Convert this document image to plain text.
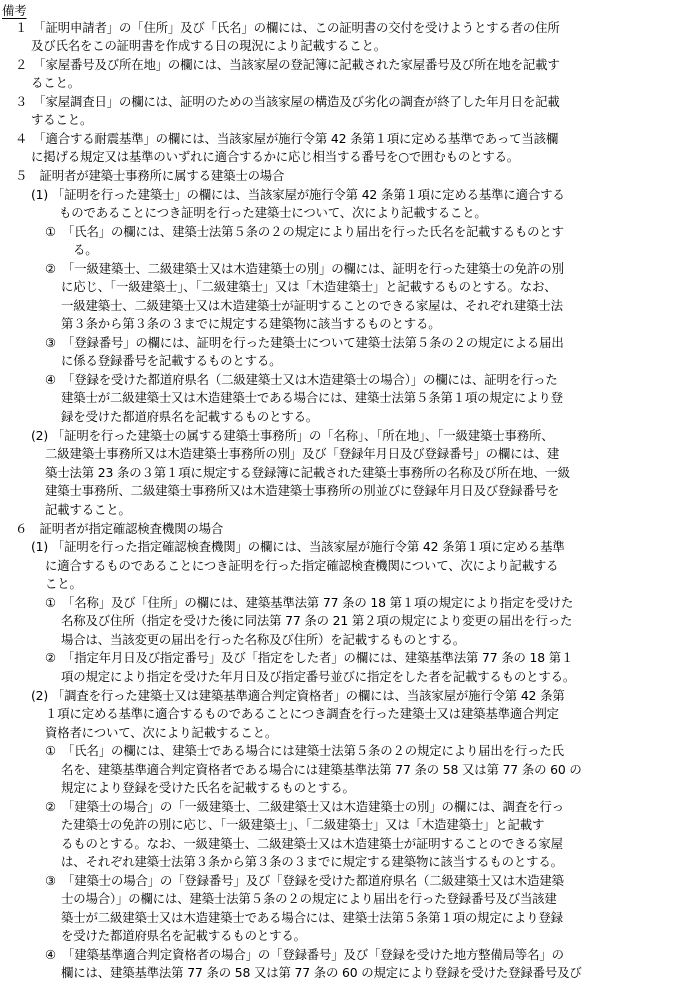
備考
１　「証明申請者」の「住所」及び「氏名」の欄には、この証明書の交付を受けようとする者の住所
及び氏名をこの証明書を作成する日の現況により記載すること。
２　「家屋番号及び所在地」の欄には、当該家屋の登記簿に記載された家屋番号及び所在地を記載す
ること。
３　「家屋調査日」の欄には、証明のための当該家屋の構造及び劣化の調査が終了した年月日を記載
すること。
４　「適合する耐震基準」の欄には、当該家屋が施行令第 42 条第１項に定める基準であって当該欄
に掲げる規定又は基準のいずれに適合するかに応じ相当する番号を○で囲むものとする。
５　証明者が建築士事務所に属する建築士の場合
(1) 「証明を行った建築士」の欄には、当該家屋が施行令第 42 条第１項に定める基準に適合する
ものであることにつき証明を行った建築士について、次により記載すること。
①　「氏名」の欄には、建築士法第５条の２の規定により届出を行った氏名を記載するものとす
る。
②　「一級建築士、二級建築士又は木造建築士の別」の欄には、証明を行った建築士の免許の別
に応じ、「一級建築士」、「二級建築士」又は「木造建築士」と記載するものとする。なお、
一級建築士、二級建築士又は木造建築士が証明することのできる家屋は、それぞれ建築士法
第３条から第３条の３までに規定する建築物に該当するものとする。
③　「登録番号」の欄には、証明を行った建築士について建築士法第５条の２の規定による届出
に係る登録番号を記載するものとする。
④　「登録を受けた都道府県名（二級建築士又は木造建築士の場合）」の欄には、証明を行った
建築士が二級建築士又は木造建築士である場合には、建築士法第５条第１項の規定により登
録を受けた都道府県名を記載するものとする。
(2) 「証明を行った建築士の属する建築士事務所」の「名称」、「所在地」、「一級建築士事務所、
二級建築士事務所又は木造建築士事務所の別」及び「登録年月日及び登録番号」の欄には、建
築士法第 23 条の３第１項に規定する登録簿に記載された建築士事務所の名称及び所在地、一級
建築士事務所、二級建築士事務所又は木造建築士事務所の別並びに登録年月日及び登録番号を
記載すること。
６　証明者が指定確認検査機関の場合
(1) 「証明を行った指定確認検査機関」の欄には、当該家屋が施行令第 42 条第１項に定める基準
に適合するものであることにつき証明を行った指定確認検査機関について、次により記載する
こと。
①　「名称」及び「住所」の欄には、建築基準法第 77 条の 18 第１項の規定により指定を受けた
名称及び住所（指定を受けた後に同法第 77 条の 21 第２項の規定により変更の届出を行った
場合は、当該変更の届出を行った名称及び住所）を記載するものとする。
②　「指定年月日及び指定番号」及び「指定をした者」の欄には、建築基準法第 77 条の 18 第１
項の規定により指定を受けた年月日及び指定番号並びに指定をした者を記載するものとする。
(2) 「調査を行った建築士又は建築基準適合判定資格者」の欄には、当該家屋が施行令第 42 条第
１項に定める基準に適合するものであることにつき調査を行った建築士又は建築基準適合判定
資格者について、次により記載すること。
①　「氏名」の欄には、建築士である場合には建築士法第５条の２の規定により届出を行った氏
名を、建築基準適合判定資格者である場合には建築基準法第 77 条の 58 又は第 77 条の 60 の
規定により登録を受けた氏名を記載するものとする。
②　「建築士の場合」の「一級建築士、二級建築士又は木造建築士の別」の欄には、調査を行っ
た建築士の免許の別に応じ、「一級建築士」、「二級建築士」又は「木造建築士」と記載す
るものとする。なお、一級建築士、二級建築士又は木造建築士が証明することのできる家屋
は、それぞれ建築士法第３条から第３条の３までに規定する建築物に該当するものとする。
③　「建築士の場合」の「登録番号」及び「登録を受けた都道府県名（二級建築士又は木造建築
士の場合）」の欄には、建築士法第５条の２の規定により届出を行った登録番号及び当該建
築士が二級建築士又は木造建築士である場合には、建築士法第５条第１項の規定により登録
を受けた都道府県名を記載するものとする。
④　「建築基準適合判定資格者の場合」の「登録番号」及び「登録を受けた地方整備局等名」の
欄には、建築基準法第 77 条の 58 又は第 77 条の 60 の規定により登録を受けた登録番号及び
